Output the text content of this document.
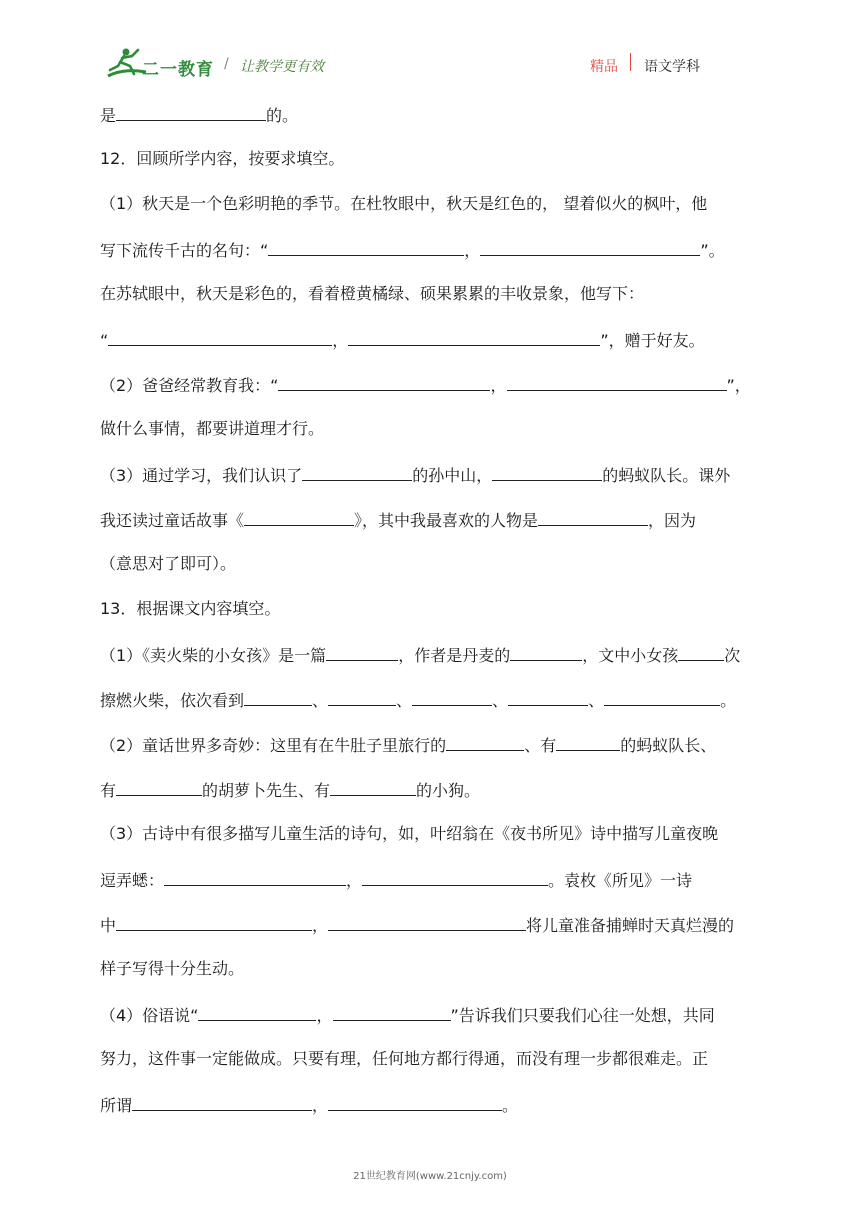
二一教育 / 让教学更有效	精品 语文学科
是	的。
12．回顾所学内容，按要求填空。
（1）秋天是一个色彩明艳的季节。在杜牧眼中，秋天是红色的， 望着似火的枫叶，他
写下流传千古的名句：“	，	”。
在苏轼眼中，秋天是彩色的，看着橙黄橘绿、硕果累累的丰收景象，他写下：
“	，	”，赠于好友。
（2）爸爸经常教育我：“	，	”，
做什么事情，都要讲道理才行。
（3）通过学习，我们认识了	的孙中山，	的蚂蚁队长。课外
我还读过童话故事《	》，其中我最喜欢的人物是	，因为
（意思对了即可）。
13．根据课文内容填空。
（1）《卖火柴的小女孩》是一篇	，作者是丹麦的	，文中小女孩	次
擦燃火柴，依次看到	、	、	、	、	。
（2）童话世界多奇妙：这里有在牛肚子里旅行的	、有	的蚂蚁队长、
有	的胡萝卜先生、有	的小狗。
（3）古诗中有很多描写儿童生活的诗句，如，叶绍翁在《夜书所见》诗中描写儿童夜晚
逗弄蟋：	，	。袁枚《所见》一诗
中	，	将儿童准备捕蝉时天真烂漫的
样子写得十分生动。
（4）俗语说“	，	”告诉我们只要我们心往一处想，共同
努力，这件事一定能做成。只要有理，任何地方都行得通，而没有理一步都很难走。正
所谓	，	。
21世纪教育网(www.21cnjy.com)
